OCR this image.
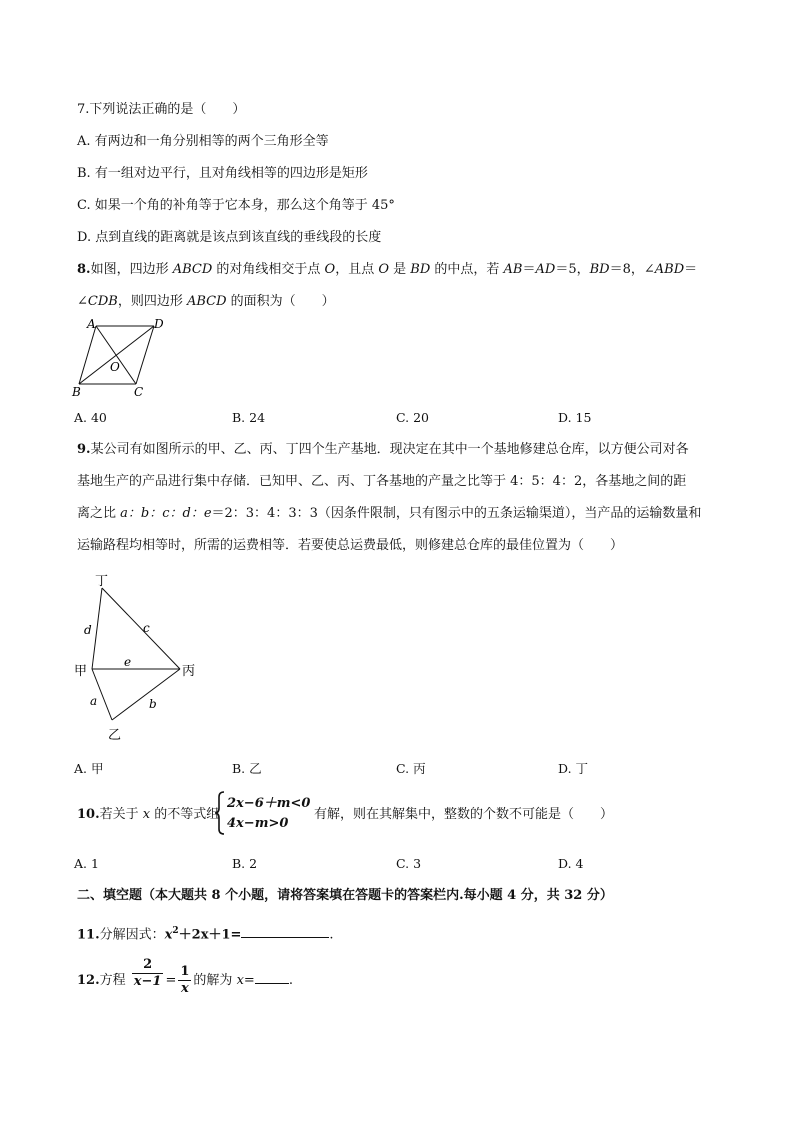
7.下列说法正确的是（　　）
A. 有两边和一角分别相等的两个三角形全等
B. 有一组对边平行，且对角线相等的四边形是矩形
C. 如果一个角的补角等于它本身，那么这个角等于 45°
D. 点到直线的距离就是该点到该直线的垂线段的长度
8.如图，四边形 ABCD 的对角线相交于点 O，且点 O 是 BD 的中点，若 AB＝AD＝5，BD＝8，∠ABD＝
∠CDB，则四边形 ABCD 的面积为（　　）
A	D
O
B	C
A. 40	B. 24	C. 20	D. 15
9.某公司有如图所示的甲、乙、丙、丁四个生产基地．现决定在其中一个基地修建总仓库，以方便公司对各
基地生产的产品进行集中存储．已知甲、乙、丙、丁各基地的产量之比等于 4：5：4：2，各基地之间的距
离之比 a：b：c：d：e＝2：3：4：3：3（因条件限制，只有图示中的五条运输渠道），当产品的运输数量和
运输路程均相等时，所需的运费相等．若要使总运费最低，则修建总仓库的最佳位置为（　　）
丁
甲	丙
乙
d	c
e
a	b
A. 甲	B. 乙	C. 丙	D. 丁
10.若关于 x 的不等式组
2x−6＋m<0
4x−m>0
有解，则在其解集中，整数的个数不可能是（　　）
A. 1	B. 2	C. 3	D. 4
二、填空题（本大题共 8 个小题，请将答案填在答题卡的答案栏内.每小题 4 分，共 32 分）
11.分解因式：$x^2+2x+1=$	.
12.方程 $\frac{2}{x-1} = \frac{1}{x}$ 的解为 x=	.
